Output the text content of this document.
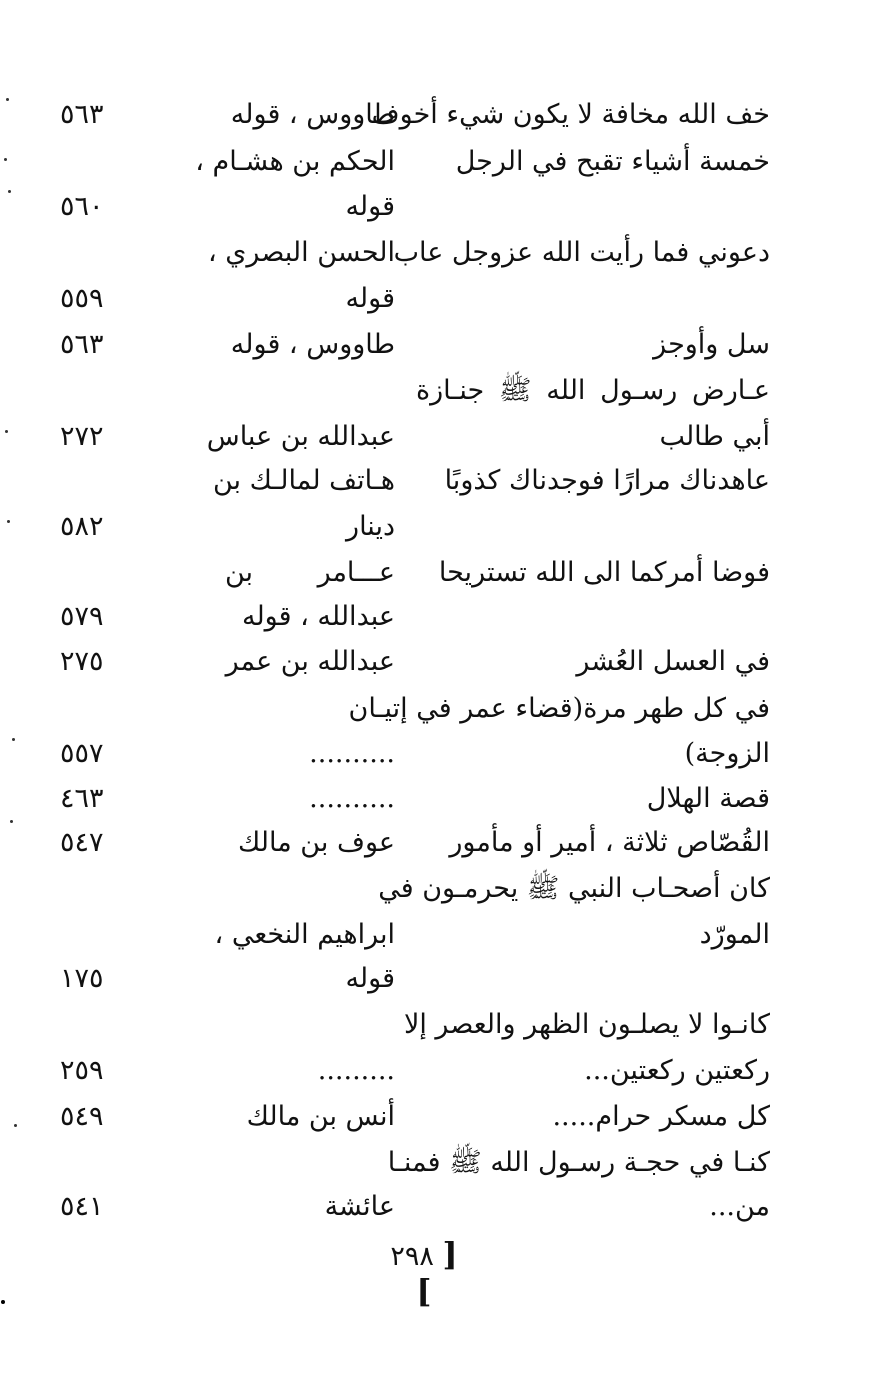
خف الله مخافة لا يكون شيء أخوف
طاووس ، قوله
٥٦٣
خمسة أشياء تقبح في الرجل
الحكم بن هشـام ،
قوله
٥٦٠
دعوني فما رأيت الله عزوجل عاب
الحسن البصري ،
قوله
٥٥٩
سل وأوجز
طاووس ، قوله
٥٦٣
عـارض رسـول الله ﷺ جنـازة
أبي طالب
عبدالله بن عباس
٢٧٢
عاهدناك مرارًا فوجدناك كذوبًا
هـاتف لمالـك بن
دينار
٥٨٢
فوضا أمركما الى الله تستريحا
عـــامر بن
عبدالله ، قوله
٥٧٩
في العسل العُشر
عبدالله بن عمر
٢٧٥
في كل طهر مرة(قضاء عمر في إتيـان
الزوجة)
..........
٥٥٧
قصة الهلال
..........
٤٦٣
القُصّاص ثلاثة ، أمير أو مأمور
عوف بن مالك
٥٤٧
كان أصحـاب النبي ﷺ يحرمـون في
المورّد
ابراهيم النخعي ،
قوله
١٧٥
كانـوا لا يصلـون الظهر والعصر إلا
ركعتين ركعتين...
.........
٢٥٩
كل مسكر حرام.....
أنس بن مالك
٥٤٩
كنـا في حجـة رسـول الله ﷺ فمنـا
من...
عائشة
٥٤١
[ ٢٩٨ ]
